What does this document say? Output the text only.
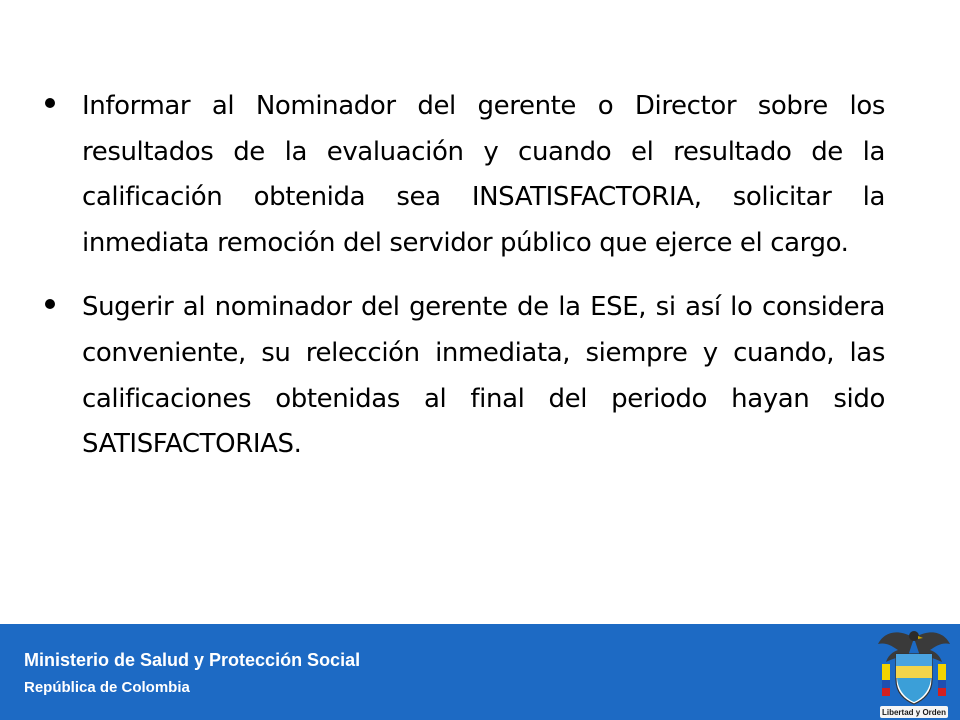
Informar al Nominador del gerente o Director sobre los resultados de la evaluación y cuando el resultado de la calificación obtenida sea INSATISFACTORIA, solicitar la inmediata remoción del servidor público que ejerce el cargo.
Sugerir al nominador del gerente de la ESE, si así lo considera conveniente, su relección inmediata, siempre y cuando, las calificaciones obtenidas al final del periodo hayan sido SATISFACTORIAS.
Ministerio de Salud y Protección Social
República de Colombia
Libertad y Orden
